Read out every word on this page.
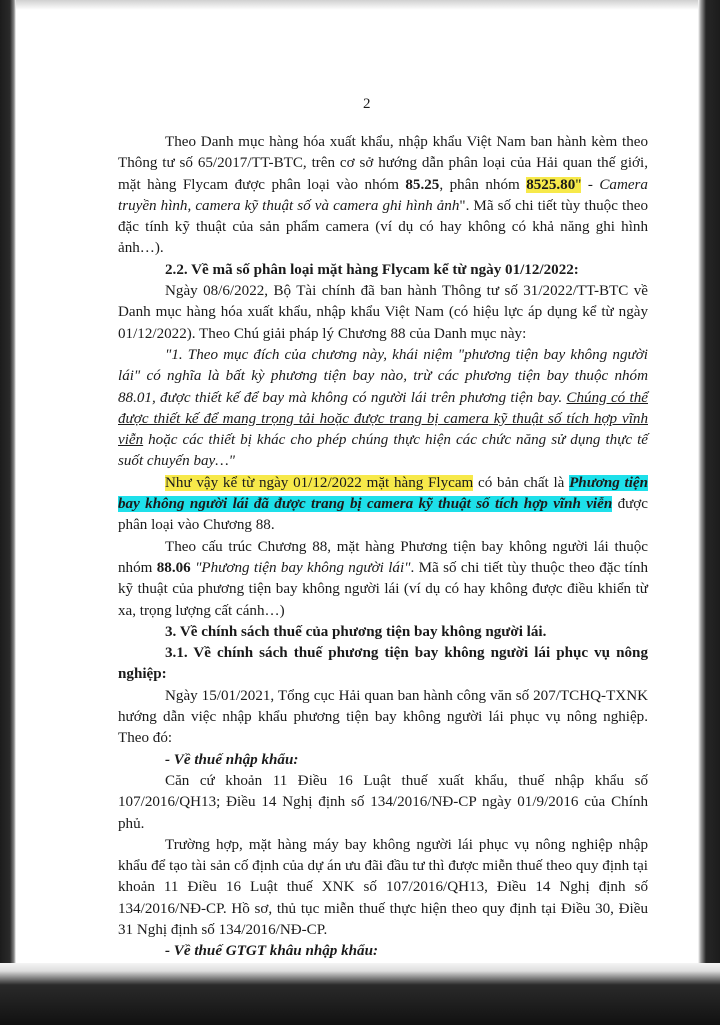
2

Theo Danh mục hàng hóa xuất khẩu, nhập khẩu Việt Nam ban hành kèm theo Thông tư số 65/2017/TT-BTC, trên cơ sở hướng dẫn phân loại của Hải quan thế giới, mặt hàng Flycam được phân loại vào nhóm 85.25, phân nhóm 8525.80" - Camera truyền hình, camera kỹ thuật số và camera ghi hình ảnh". Mã số chi tiết tùy thuộc theo đặc tính kỹ thuật của sản phẩm camera (ví dụ có hay không có khả năng ghi hình ảnh…).

2.2. Về mã số phân loại mặt hàng Flycam kể từ ngày 01/12/2022:

Ngày 08/6/2022, Bộ Tài chính đã ban hành Thông tư số 31/2022/TT-BTC về Danh mục hàng hóa xuất khẩu, nhập khẩu Việt Nam (có hiệu lực áp dụng kể từ ngày 01/12/2022). Theo Chú giải pháp lý Chương 88 của Danh mục này:

"1. Theo mục đích của chương này, khái niệm "phương tiện bay không người lái" có nghĩa là bất kỳ phương tiện bay nào, trừ các phương tiện bay thuộc nhóm 88.01, được thiết kế để bay mà không có người lái trên phương tiện bay. Chúng có thể được thiết kế để mang trọng tải hoặc được trang bị camera kỹ thuật số tích hợp vĩnh viễn hoặc các thiết bị khác cho phép chúng thực hiện các chức năng sử dụng thực tế suốt chuyến bay…"

Như vậy kể từ ngày 01/12/2022 mặt hàng Flycam có bản chất là Phương tiện bay không người lái đã được trang bị camera kỹ thuật số tích hợp vĩnh viễn được phân loại vào Chương 88.

Theo cấu trúc Chương 88, mặt hàng Phương tiện bay không người lái thuộc nhóm 88.06 "Phương tiện bay không người lái". Mã số chi tiết tùy thuộc theo đặc tính kỹ thuật của phương tiện bay không người lái (ví dụ có hay không được điều khiển từ xa, trọng lượng cất cánh…)

3. Về chính sách thuế của phương tiện bay không người lái.

3.1. Về chính sách thuế phương tiện bay không người lái phục vụ nông nghiệp:

Ngày 15/01/2021, Tổng cục Hải quan ban hành công văn số 207/TCHQ-TXNK hướng dẫn việc nhập khẩu phương tiện bay không người lái phục vụ nông nghiệp. Theo đó:

- Về thuế nhập khẩu:

Căn cứ khoản 11 Điều 16 Luật thuế xuất khẩu, thuế nhập khẩu số 107/2016/QH13; Điều 14 Nghị định số 134/2016/NĐ-CP ngày 01/9/2016 của Chính phủ.

Trường hợp, mặt hàng máy bay không người lái phục vụ nông nghiệp nhập khẩu để tạo tài sản cố định của dự án ưu đãi đầu tư thì được miễn thuế theo quy định tại khoản 11 Điều 16 Luật thuế XNK số 107/2016/QH13, Điều 14 Nghị định số 134/2016/NĐ-CP. Hồ sơ, thủ tục miễn thuế thực hiện theo quy định tại Điều 30, Điều 31 Nghị định số 134/2016/NĐ-CP.

- Về thuế GTGT khâu nhập khẩu:
